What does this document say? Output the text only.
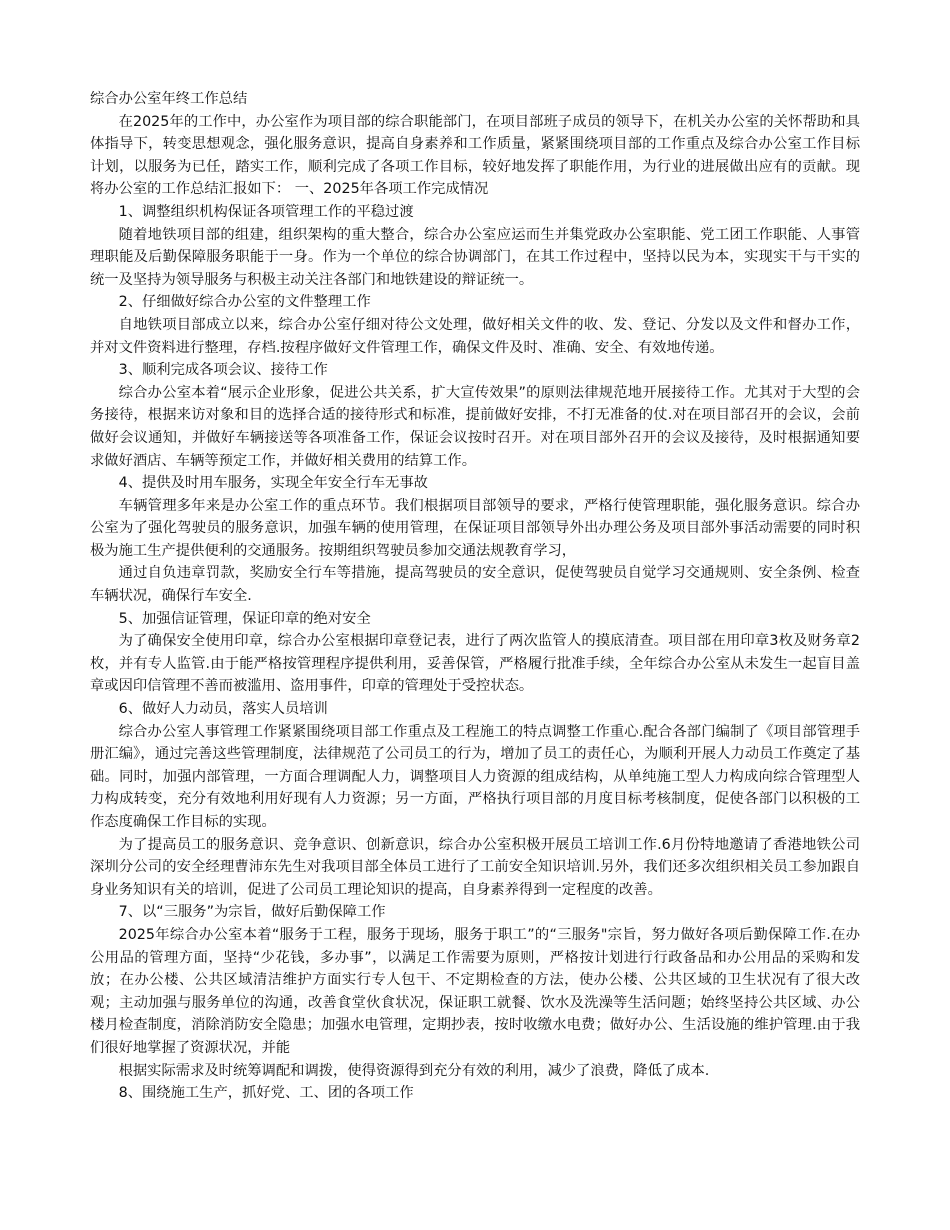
综合办公室年终工作总结
在2025年的工作中，办公室作为项目部的综合职能部门，在项目部班子成员的领导下，在机关办公室的关怀帮助和具体指导下，转变思想观念，强化服务意识，提高自身素养和工作质量，紧紧围绕项目部的工作重点及综合办公室工作目标计划，以服务为已任，踏实工作，顺利完成了各项工作目标，较好地发挥了职能作用，为行业的进展做出应有的贡献。现将办公室的工作总结汇报如下： 一、2025年各项工作完成情况
1、调整组织机构保证各项管理工作的平稳过渡
随着地铁项目部的组建，组织架构的重大整合，综合办公室应运而生并集党政办公室职能、党工团工作职能、人事管理职能及后勤保障服务职能于一身。作为一个单位的综合协调部门，在其工作过程中，坚持以民为本，实现实干与干实的统一及坚持为领导服务与积极主动关注各部门和地铁建设的辩证统一。
2、仔细做好综合办公室的文件整理工作
自地铁项目部成立以来，综合办公室仔细对待公文处理，做好相关文件的收、发、登记、分发以及文件和督办工作，并对文件资料进行整理，存档.按程序做好文件管理工作，确保文件及时、准确、安全、有效地传递。
3、顺利完成各项会议、接待工作
综合办公室本着“展示企业形象，促进公共关系，扩大宣传效果”的原则法律规范地开展接待工作。尤其对于大型的会务接待，根据来访对象和目的选择合适的接待形式和标准，提前做好安排，不打无准备的仗.对在项目部召开的会议，会前做好会议通知，并做好车辆接送等各项准备工作，保证会议按时召开。对在项目部外召开的会议及接待，及时根据通知要求做好酒店、车辆等预定工作，并做好相关费用的结算工作。
4、提供及时用车服务，实现全年安全行车无事故
车辆管理多年来是办公室工作的重点环节。我们根据项目部领导的要求，严格行使管理职能，强化服务意识。综合办公室为了强化驾驶员的服务意识，加强车辆的使用管理，在保证项目部领导外出办理公务及项目部外事活动需要的同时积极为施工生产提供便利的交通服务。按期组织驾驶员参加交通法规教育学习，
通过自负违章罚款，奖励安全行车等措施，提高驾驶员的安全意识，促使驾驶员自觉学习交通规则、安全条例、检查车辆状况，确保行车安全.
5、加强信证管理，保证印章的绝对安全
为了确保安全使用印章，综合办公室根据印章登记表，进行了两次监管人的摸底清查。项目部在用印章3枚及财务章2枚，并有专人监管.由于能严格按管理程序提供利用，妥善保管，严格履行批准手续，全年综合办公室从未发生一起盲目盖章或因印信管理不善而被滥用、盗用事件，印章的管理处于受控状态。
6、做好人力动员，落实人员培训
综合办公室人事管理工作紧紧围绕项目部工作重点及工程施工的特点调整工作重心.配合各部门编制了《项目部管理手册汇编》，通过完善这些管理制度，法律规范了公司员工的行为，增加了员工的责任心，为顺利开展人力动员工作奠定了基础。同时，加强内部管理，一方面合理调配人力，调整项目人力资源的组成结构，从单纯施工型人力构成向综合管理型人力构成转变，充分有效地利用好现有人力资源；另一方面，严格执行项目部的月度目标考核制度，促使各部门以积极的工作态度确保工作目标的实现。
为了提高员工的服务意识、竞争意识、创新意识，综合办公室积极开展员工培训工作.6月份特地邀请了香港地铁公司深圳分公司的安全经理曹沛东先生对我项目部全体员工进行了工前安全知识培训.另外，我们还多次组织相关员工参加跟自身业务知识有关的培训，促进了公司员工理论知识的提高，自身素养得到一定程度的改善。
7、以“三服务”为宗旨，做好后勤保障工作
2025年综合办公室本着“服务于工程，服务于现场，服务于职工”的“三服务"宗旨，努力做好各项后勤保障工作.在办公用品的管理方面，坚持“少花钱，多办事”，以满足工作需要为原则，严格按计划进行行政备品和办公用品的采购和发放；在办公楼、公共区域清洁维护方面实行专人包干、不定期检查的方法，使办公楼、公共区域的卫生状况有了很大改观；主动加强与服务单位的沟通，改善食堂伙食状况，保证职工就餐、饮水及洗澡等生活问题；始终坚持公共区域、办公楼月检查制度，消除消防安全隐患；加强水电管理，定期抄表，按时收缴水电费；做好办公、生活设施的维护管理.由于我们很好地掌握了资源状况，并能
根据实际需求及时统筹调配和调拨，使得资源得到充分有效的利用，减少了浪费，降低了成本.
8、围绕施工生产，抓好党、工、团的各项工作
